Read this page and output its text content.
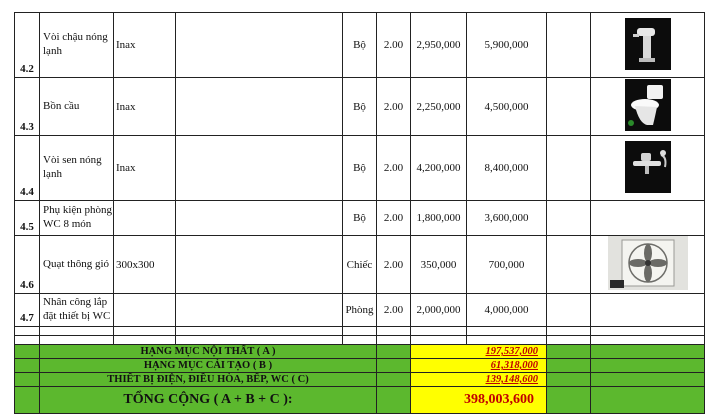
4.2	Vòi chậu nóng lạnh	Inax		Bộ	2.00	2,950,000	5,900,000		

4.3	Bồn cầu	Inax		Bộ	2.00	2,250,000	4,500,000		

4.4	Vòi sen nóng lạnh	Inax		Bộ	2.00	4,200,000	8,400,000		

4.5	Phụ kiện phòng WC 8 món			Bộ	2.00	1,800,000	3,600,000		
4.6	Quạt thông gió	300x300		Chiếc	2.00	350,000	700,000		

4.7	Nhân công lắp đặt thiết bị WC			Phòng	2.00	2,000,000	4,000,000		

	HẠNG MỤC NỘI THẤT ( A )					197,537,000			
	HẠNG MỤC CẢI TẠO ( B )					61,318,000			
	THIẾT BỊ ĐIỆN, ĐIỀU HÒA, BẾP, WC ( C)					139,148,600			
	TỔNG CỘNG ( A + B + C ):					398,003,600			
